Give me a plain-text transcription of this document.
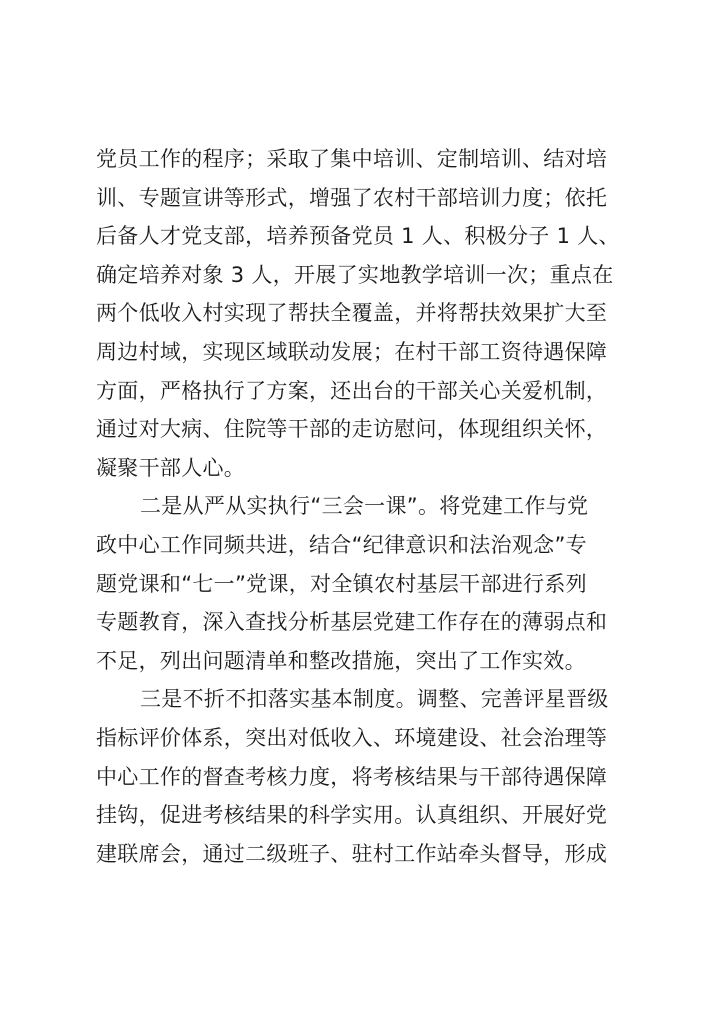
党员工作的程序；采取了集中培训、定制培训、结对培
训、专题宣讲等形式，增强了农村干部培训力度；依托
后备人才党支部，培养预备党员 1 人、积极分子 1 人、
确定培养对象 3 人，开展了实地教学培训一次；重点在
两个低收入村实现了帮扶全覆盖，并将帮扶效果扩大至
周边村域，实现区域联动发展；在村干部工资待遇保障
方面，严格执行了方案，还出台的干部关心关爱机制，
通过对大病、住院等干部的走访慰问，体现组织关怀，
凝聚干部人心。
二是从严从实执行“三会一课”。将党建工作与党
政中心工作同频共进，结合“纪律意识和法治观念”专
题党课和“七一”党课，对全镇农村基层干部进行系列
专题教育，深入查找分析基层党建工作存在的薄弱点和
不足，列出问题清单和整改措施，突出了工作实效。
三是不折不扣落实基本制度。调整、完善评星晋级
指标评价体系，突出对低收入、环境建设、社会治理等
中心工作的督查考核力度，将考核结果与干部待遇保障
挂钩，促进考核结果的科学实用。认真组织、开展好党
建联席会，通过二级班子、驻村工作站牵头督导，形成
